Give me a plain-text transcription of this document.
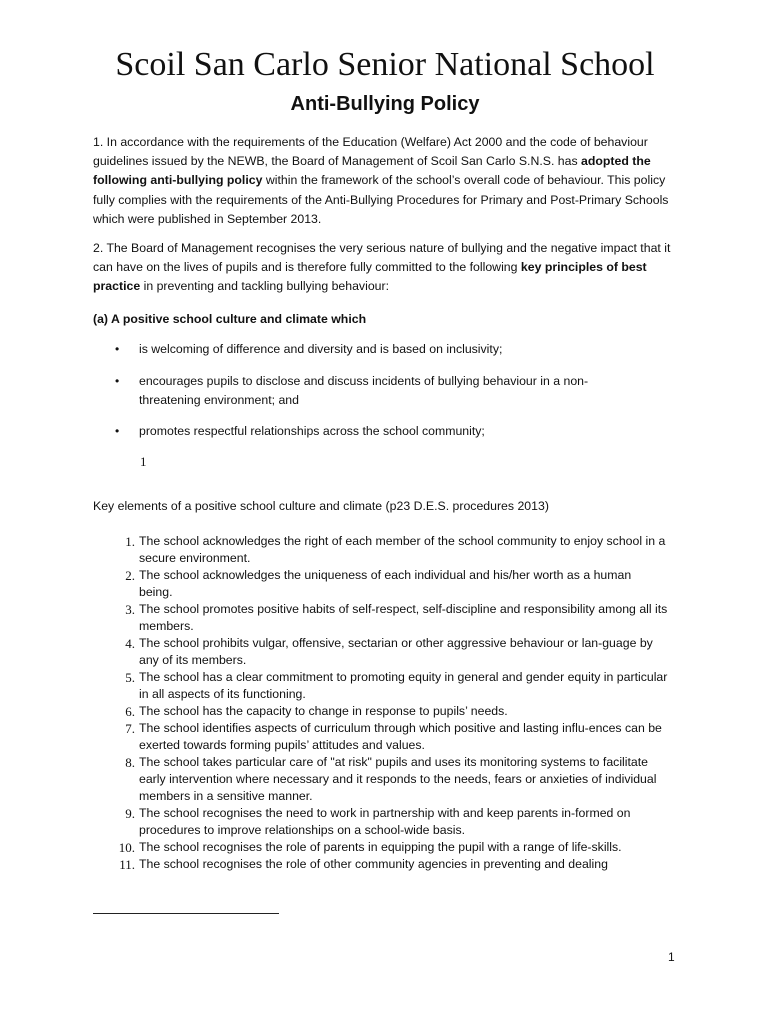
Scoil San Carlo Senior National School
Anti-Bullying Policy

1. In accordance with the requirements of the Education (Welfare) Act 2000 and the code of behaviour guidelines issued by the NEWB, the Board of Management of Scoil San Carlo S.N.S. has adopted the following anti-bullying policy within the framework of the school’s overall code of behaviour. This policy fully complies with the requirements of the Anti-Bullying Procedures for Primary and Post-Primary Schools which were published in September 2013.

2. The Board of Management recognises the very serious nature of bullying and the negative impact that it can have on the lives of pupils and is therefore fully committed to the following key principles of best practice in preventing and tackling bullying behaviour:

(a) A positive school culture and climate which

• is welcoming of difference and diversity and is based on inclusivity;
• encourages pupils to disclose and discuss incidents of bullying behaviour in a non-threatening environment; and
• promotes respectful relationships across the school community;
1
Key elements of a positive school culture and climate (p23 D.E.S. procedures 2013)
1. The school acknowledges the right of each member of the school community to enjoy school in a secure environment.
2. The school acknowledges the uniqueness of each individual and his/her worth as a human being.
3. The school promotes positive habits of self-respect, self-discipline and responsibility among all its members.
4. The school prohibits vulgar, offensive, sectarian or other aggressive behaviour or lan-guage by any of its members.
5. The school has a clear commitment to promoting equity in general and gender equity in particular in all aspects of its functioning.
6. The school has the capacity to change in response to pupils’ needs.
7. The school identifies aspects of curriculum through which positive and lasting influ-ences can be exerted towards forming pupils’ attitudes and values.
8. The school takes particular care of "at risk" pupils and uses its monitoring systems to facilitate early intervention where necessary and it responds to the needs, fears or anxieties of individual members in a sensitive manner.
9. The school recognises the need to work in partnership with and keep parents in-formed on procedures to improve relationships on a school-wide basis.
10. The school recognises the role of parents in equipping the pupil with a range of life-skills.
11. The school recognises the role of other community agencies in preventing and dealing
1
